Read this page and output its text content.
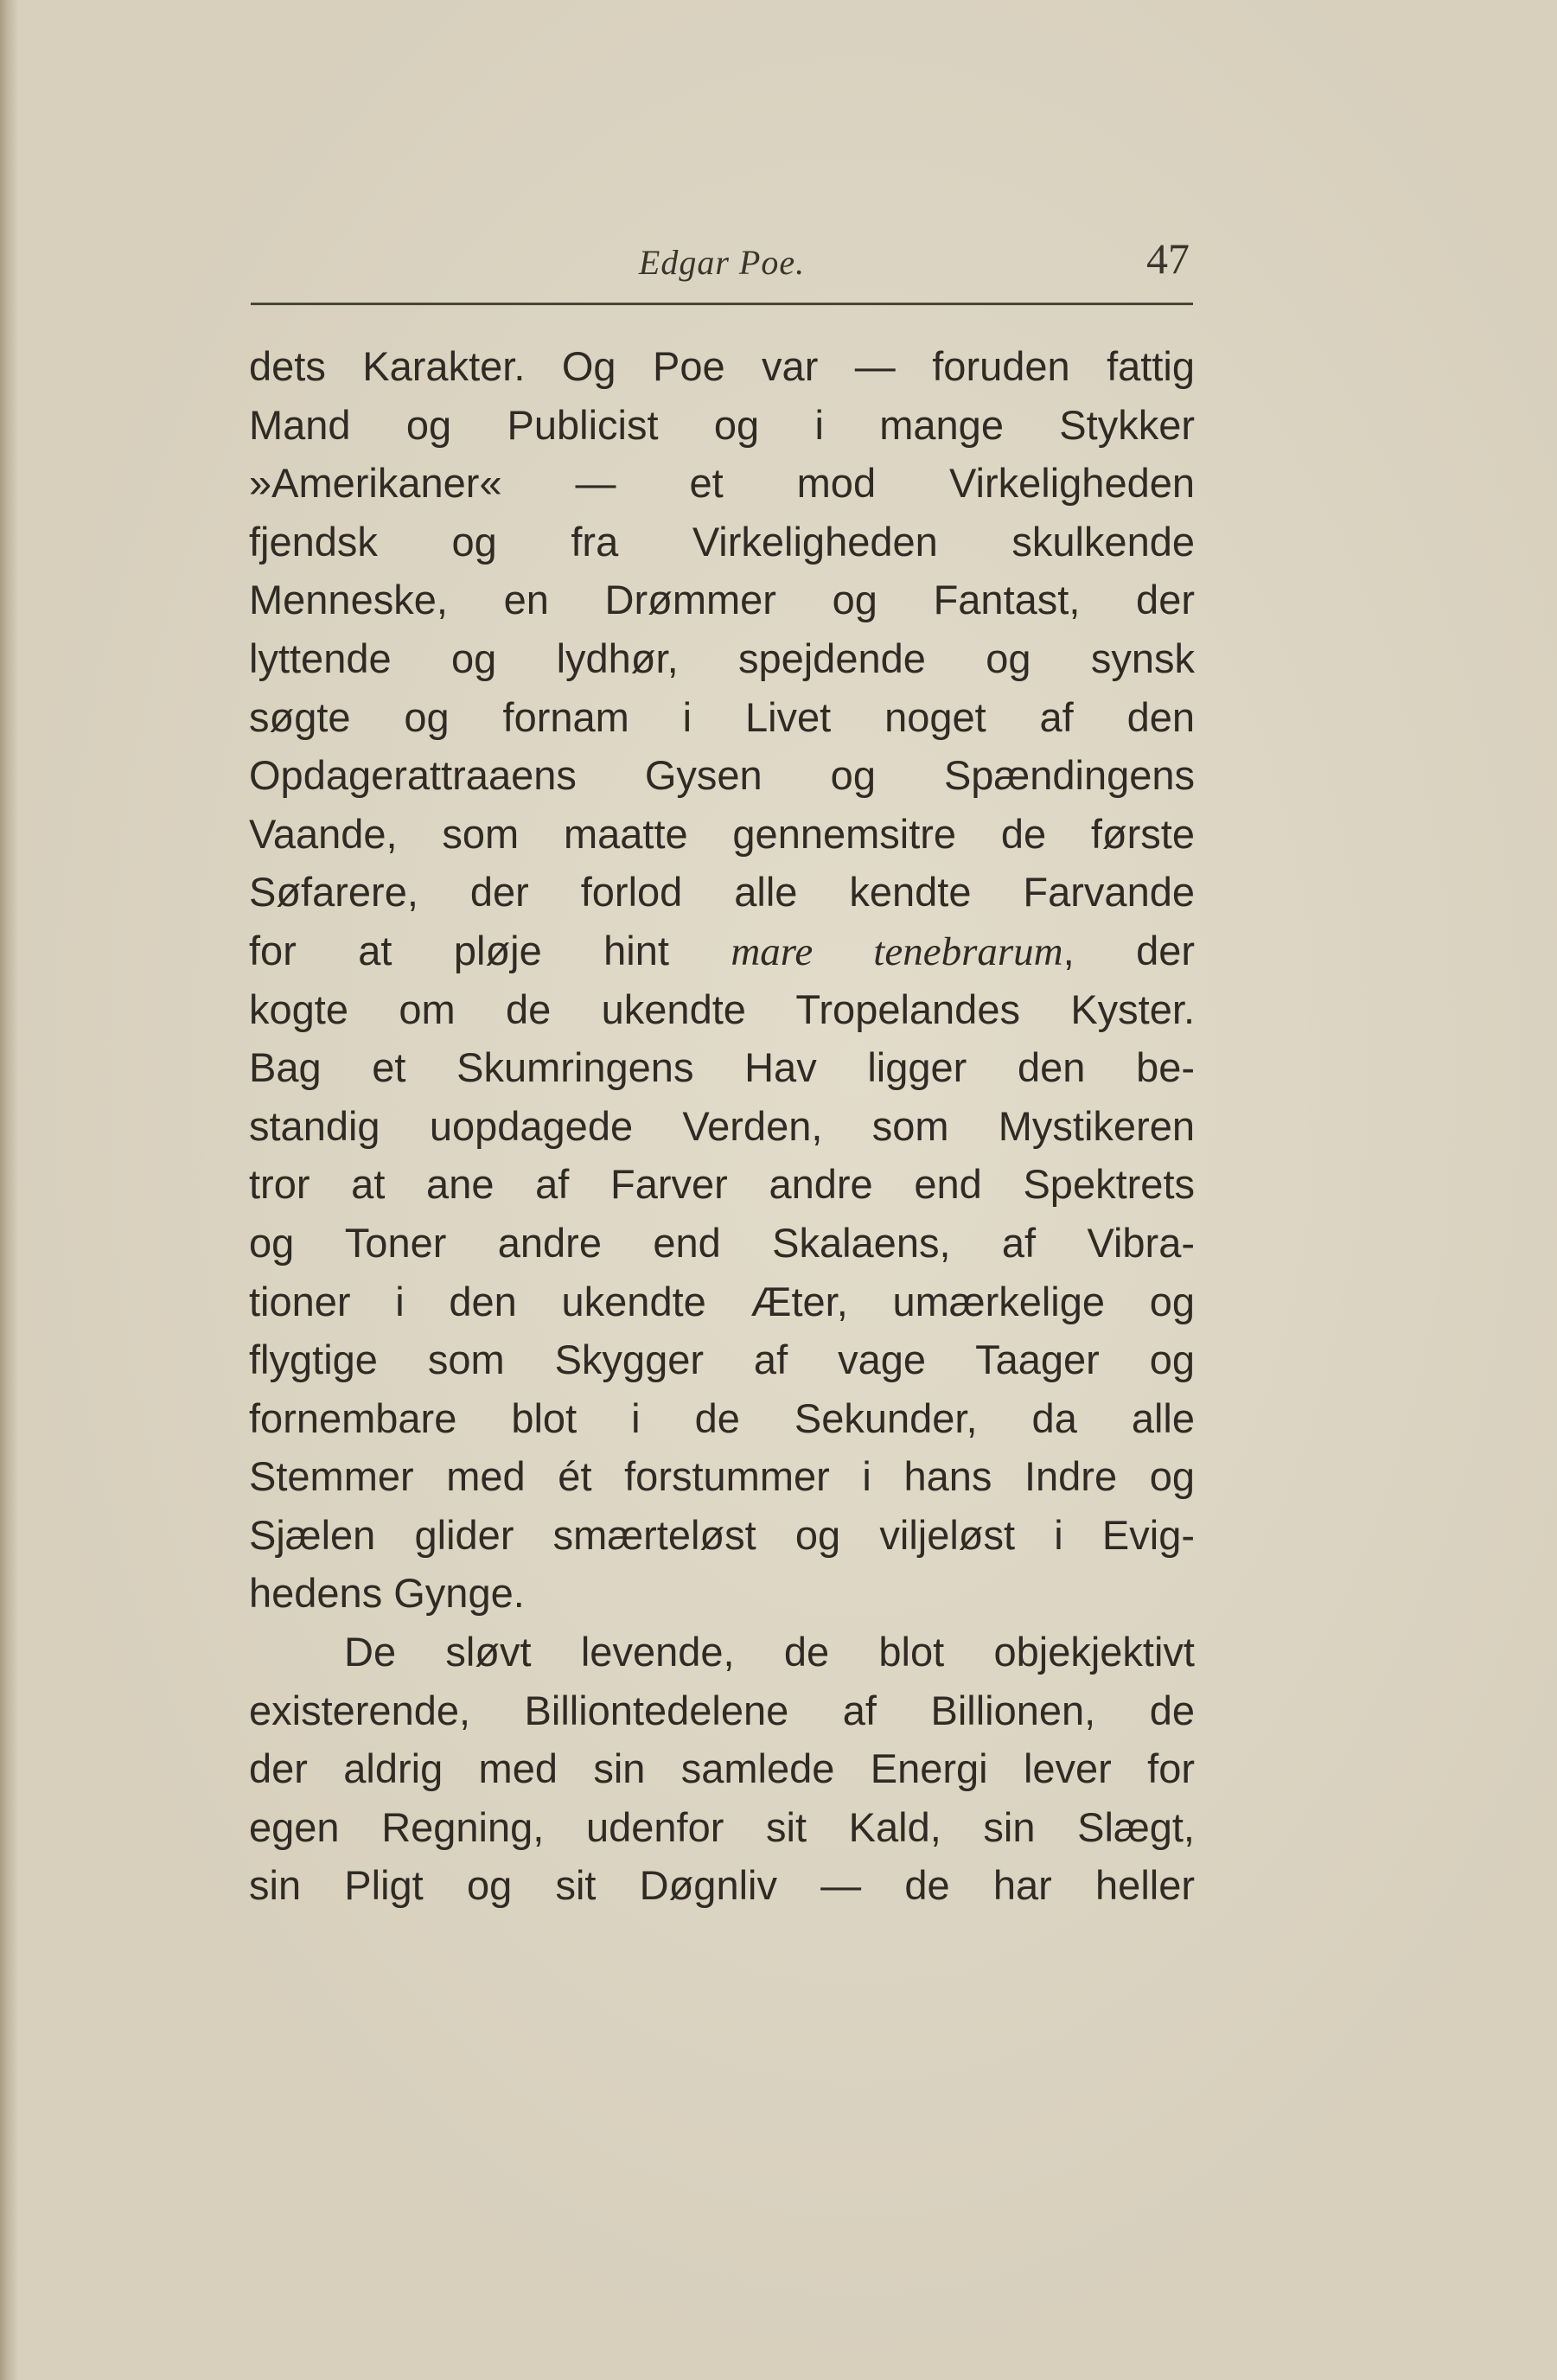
Edgar Poe.	47
dets Karakter. Og Poe var — foruden fattig
Mand og Publicist og i mange Stykker
»Amerikaner« — et mod Virkeligheden
fjendsk og fra Virkeligheden skulkende
Menneske, en Drømmer og Fantast, der
lyttende og lydhør, spejdende og synsk
søgte og fornam i Livet noget af den
Opdagerattraaens Gysen og Spændingens
Vaande, som maatte gennemsitre de første
Søfarere, der forlod alle kendte Farvande
for at pløje hint mare tenebrarum, der
kogte om de ukendte Tropelandes Kyster.
Bag et Skumringens Hav ligger den be-
standig uopdagede Verden, som Mystikeren
tror at ane af Farver andre end Spektrets
og Toner andre end Skalaens, af Vibra-
tioner i den ukendte Æter, umærkelige og
flygtige som Skygger af vage Taager og
fornembare blot i de Sekunder, da alle
Stemmer med ét forstummer i hans Indre og
Sjælen glider smærteløst og viljeløst i Evig-
hedens Gynge.
De sløvt levende, de blot objekjektivt
existerende, Billiontedelene af Billionen, de
der aldrig med sin samlede Energi lever for
egen Regning, udenfor sit Kald, sin Slægt,
sin Pligt og sit Døgnliv — de har heller
